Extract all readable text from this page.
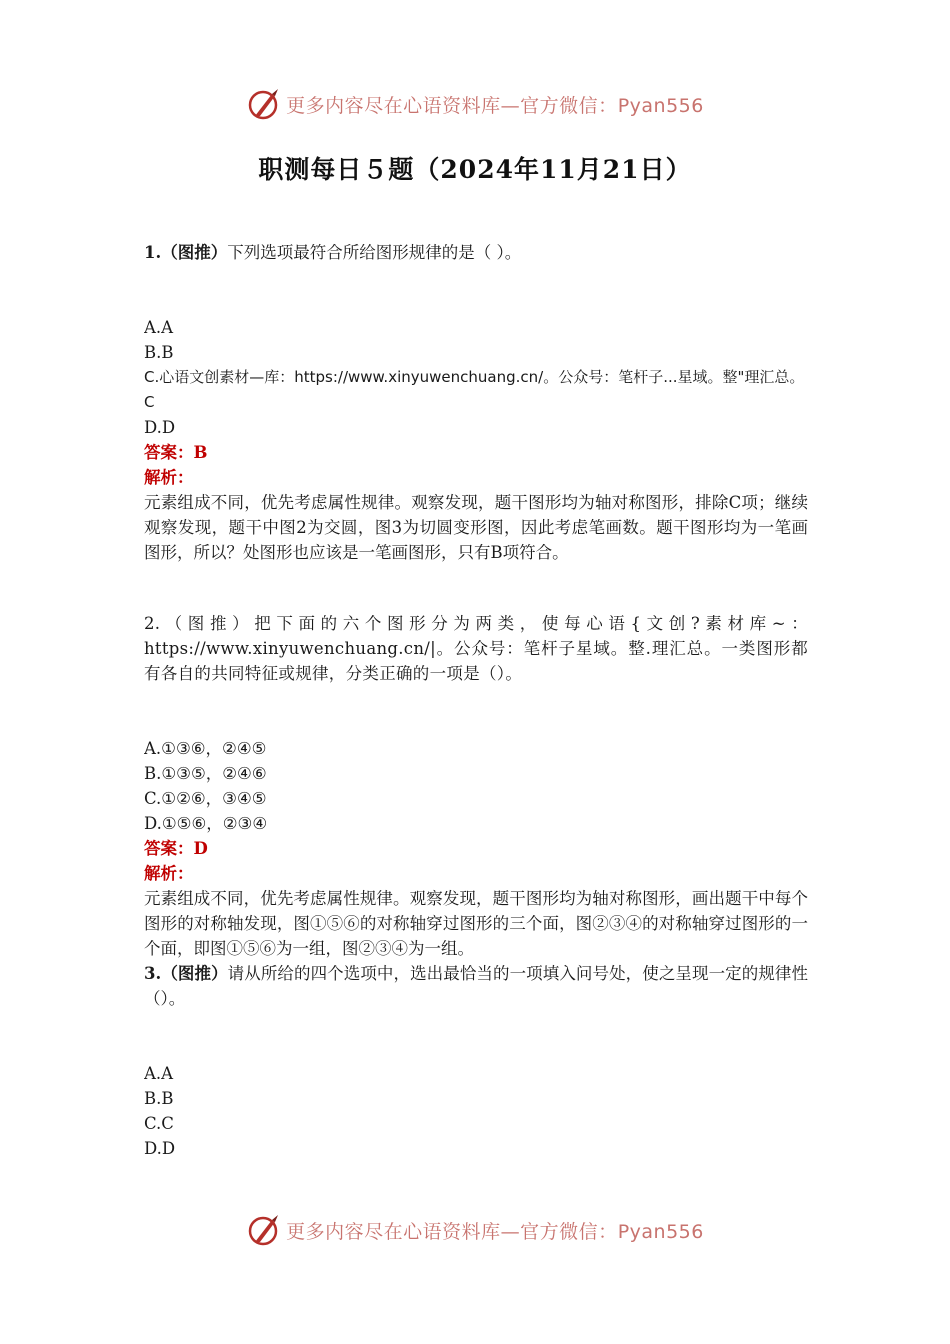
更多内容尽在心语资料库—官方微信：Pyan556
职测每日５题（2024年11月21日）
1.（图推）下列选项最符合所给图形规律的是（ ）。
A.A
B.B
C.心语文创素材—库：https://www.xinyuwenchuang.cn/。公众号：笔杆子...星域。整"理汇总。C
D.D
答案：B
解析：
元素组成不同，优先考虑属性规律。观察发现，题干图形均为轴对称图形，排除C项；继续观察发现，题干中图2为交圆，图3为切圆变形图，因此考虑笔画数。题干图形均为一笔画图形，所以？处图形也应该是一笔画图形，只有B项符合。
2.（图推）把下面的六个图形分为两类，使每心语{文创?素材库~：https://www.xinyuwenchuang.cn/|。公众号：笔杆子星域。整.理汇总。一类图形都有各自的共同特征或规律，分类正确的一项是（）。
A.①③⑥，②④⑤
B.①③⑤，②④⑥
C.①②⑥，③④⑤
D.①⑤⑥，②③④
答案：D
解析：
元素组成不同，优先考虑属性规律。观察发现，题干图形均为轴对称图形，画出题干中每个图形的对称轴发现，图①⑤⑥的对称轴穿过图形的三个面，图②③④的对称轴穿过图形的一个面，即图①⑤⑥为一组，图②③④为一组。
3.（图推）请从所给的四个选项中，选出最恰当的一项填入问号处，使之呈现一定的规律性（）。
A.A
B.B
C.C
D.D
更多内容尽在心语资料库—官方微信：Pyan556
